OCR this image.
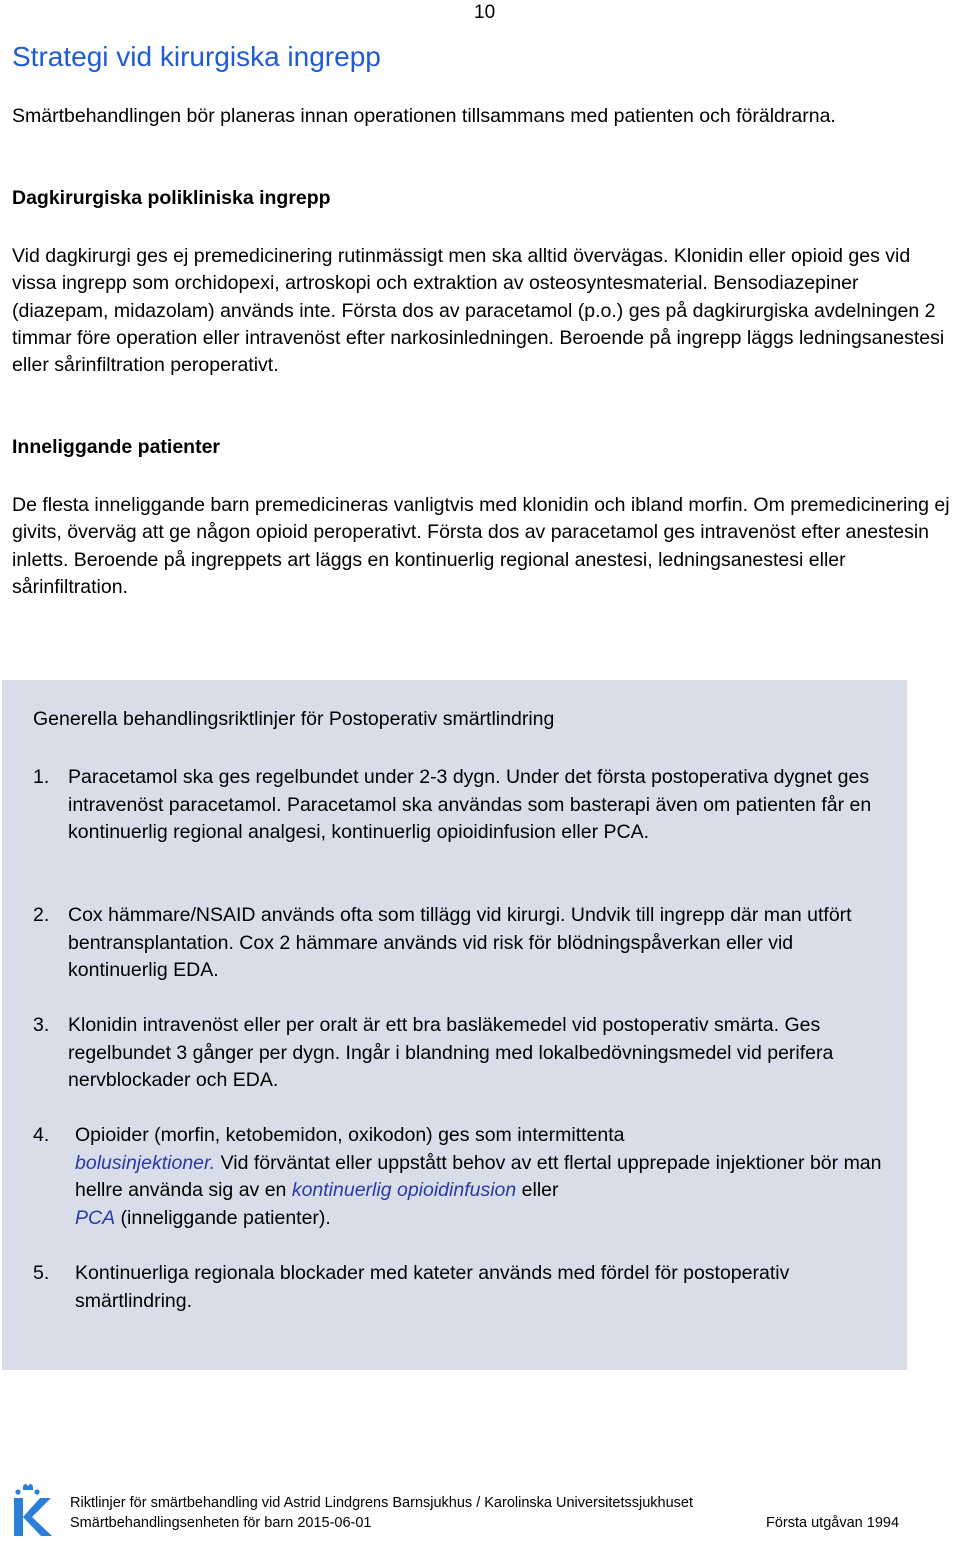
10
Strategi vid kirurgiska ingrepp

Smärtbehandlingen bör planeras innan operationen tillsammans med patienten och föräldrarna.

Dagkirurgiska polikliniska ingrepp

Vid dagkirurgi ges ej premedicinering rutinmässigt men ska alltid övervägas. Klonidin eller opioid ges vid vissa ingrepp som orchidopexi, artroskopi och extraktion av osteosyntesmaterial. Bensodiazepiner (diazepam, midazolam) används inte. Första dos av paracetamol (p.o.) ges på dagkirurgiska avdelningen 2 timmar före operation eller intravenöst efter narkosinledningen. Beroende på ingrepp läggs ledningsanestesi eller sårinfiltration peroperativt.

Inneliggande patienter

De flesta inneliggande barn premedicineras vanligtvis med klonidin och ibland morfin. Om premedicinering ej givits, överväg att ge någon opioid peroperativt. Första dos av paracetamol ges intravenöst efter anestesin inletts. Beroende på ingreppets art läggs en kontinuerlig regional anestesi, ledningsanestesi eller sårinfiltration.

Generella behandlingsriktlinjer för Postoperativ smärtlindring

1. Paracetamol ska ges regelbundet under 2-3 dygn. Under det första postoperativa dygnet ges intravenöst paracetamol. Paracetamol ska användas som basterapi även om patienten får en kontinuerlig regional analgesi, kontinuerlig opioidinfusion eller PCA.
2. Cox hämmare/NSAID används ofta som tillägg vid kirurgi. Undvik till ingrepp där man utfört bentransplantation. Cox 2 hämmare används vid risk för blödningspåverkan eller vid kontinuerlig EDA.
3. Klonidin intravenöst eller per oralt är ett bra basläkemedel vid postoperativ smärta. Ges regelbundet 3 gånger per dygn. Ingår i blandning med lokalbedövningsmedel vid perifera nervblockader och EDA.
4. Opioider (morfin, ketobemidon, oxikodon) ges som intermittenta
bolusinjektioner. Vid förväntat eller uppstått behov av ett flertal upprepade injektioner bör man hellre använda sig av en kontinuerlig opioidinfusion eller
PCA (inneliggande patienter).
5. Kontinuerliga regionala blockader med kateter används med fördel för postoperativ smärtlindring.
Riktlinjer för smärtbehandling vid Astrid Lindgrens Barnsjukhus / Karolinska Universitetssjukhuset
Smärtbehandlingsenheten för barn 2015-06-01	Första utgåvan 1994
